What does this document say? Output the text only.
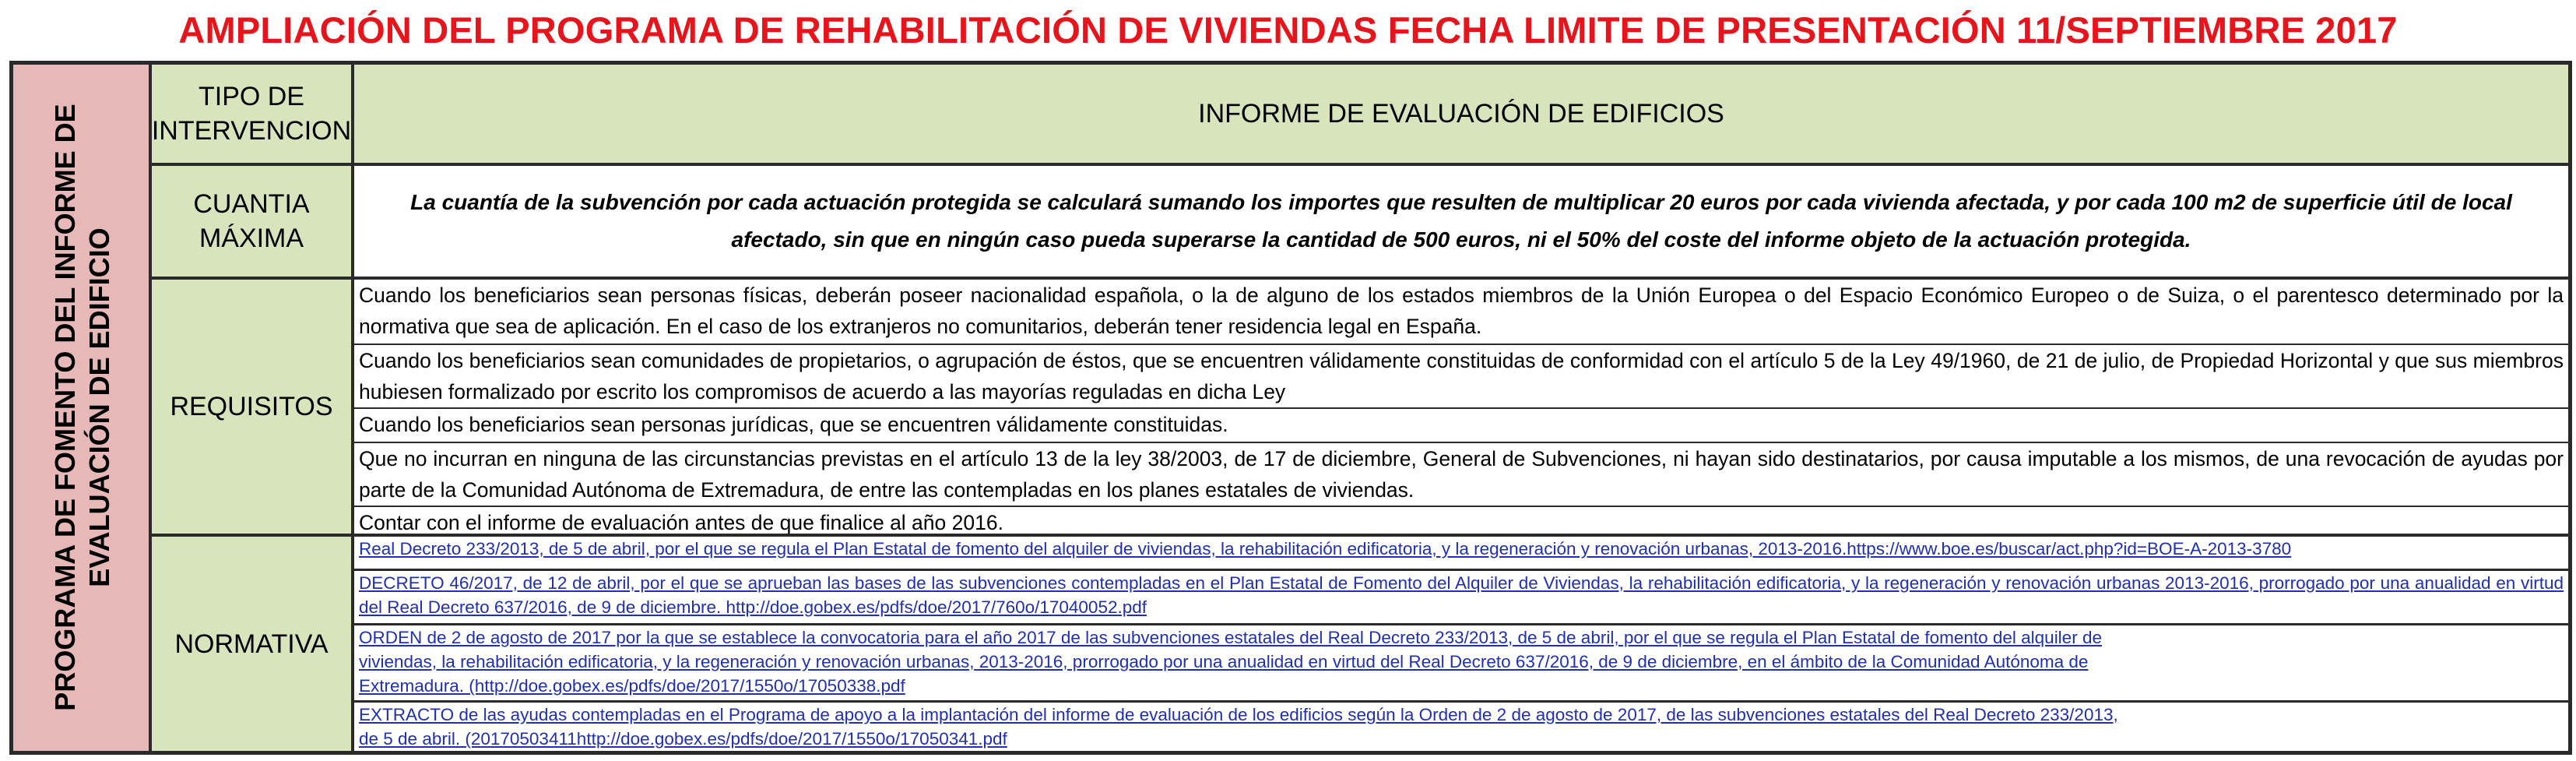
AMPLIACIÓN DEL PROGRAMA DE REHABILITACIÓN DE VIVIENDAS FECHA LIMITE DE PRESENTACIÓN 11/SEPTIEMBRE 2017
PROGRAMA DE FOMENTO DEL INFORME DE EVALUACIÓN DE EDIFICIO
TIPO DE INTERVENCION
INFORME DE EVALUACIÓN DE EDIFICIOS
CUANTIA MÁXIMA
La cuantía de la subvención por cada actuación protegida se calculará sumando los importes que resulten de multiplicar 20 euros por cada vivienda afectada, y por cada 100 m2 de superficie útil de local afectado, sin que en ningún caso pueda superarse la cantidad de 500 euros, ni el 50% del coste del informe objeto de la actuación protegida.
REQUISITOS
Cuando los beneficiarios sean personas físicas, deberán poseer nacionalidad española, o la de alguno de los estados miembros de la Unión Europea o del Espacio Económico Europeo o de Suiza, o el parentesco determinado por la normativa que sea de aplicación. En el caso de los extranjeros no comunitarios, deberán tener residencia legal en España.
Cuando los beneficiarios sean comunidades de propietarios, o agrupación de éstos, que se encuentren válidamente constituidas de conformidad con el artículo 5 de la Ley 49/1960, de 21 de julio, de Propiedad Horizontal y que sus miembros hubiesen formalizado por escrito los compromisos de acuerdo a las mayorías reguladas en dicha Ley
Cuando los beneficiarios sean personas jurídicas, que se encuentren válidamente constituidas.
Que no incurran en ninguna de las circunstancias previstas en el artículo 13 de la ley 38/2003, de 17 de diciembre, General de Subvenciones, ni hayan sido destinatarios, por causa imputable a los mismos, de una revocación de ayudas por parte de la Comunidad Autónoma de Extremadura, de entre las contempladas en los planes estatales de viviendas.
Contar con el informe de evaluación antes de que finalice al año 2016.
NORMATIVA
Real Decreto 233/2013, de 5 de abril, por el que se regula el Plan Estatal de fomento del alquiler de viviendas, la rehabilitación edificatoria, y la regeneración y renovación urbanas, 2013-2016.https://www.boe.es/buscar/act.php?id=BOE-A-2013-3780
DECRETO 46/2017, de 12 de abril, por el que se aprueban las bases de las subvenciones contempladas en el Plan Estatal de Fomento del Alquiler de Viviendas, la rehabilitación edificatoria, y la regeneración y renovación urbanas 2013-2016, prorrogado por una anualidad en virtud del Real Decreto 637/2016, de 9 de diciembre. http://doe.gobex.es/pdfs/doe/2017/760o/17040052.pdf
ORDEN de 2 de agosto de 2017 por la que se establece la convocatoria para el año 2017 de las subvenciones estatales del Real Decreto 233/2013, de 5 de abril, por el que se regula el Plan Estatal de fomento del alquiler de viviendas, la rehabilitación edificatoria, y la regeneración y renovación urbanas, 2013-2016, prorrogado por una anualidad en virtud del Real Decreto 637/2016, de 9 de diciembre, en el ámbito de la Comunidad Autónoma de Extremadura. (http://doe.gobex.es/pdfs/doe/2017/1550o/17050338.pdf
EXTRACTO de las ayudas contempladas en el Programa de apoyo a la implantación del informe de evaluación de los edificios según la Orden de 2 de agosto de 2017, de las subvenciones estatales del Real Decreto 233/2013, de 5 de abril. (20170503411http://doe.gobex.es/pdfs/doe/2017/1550o/17050341.pdf
